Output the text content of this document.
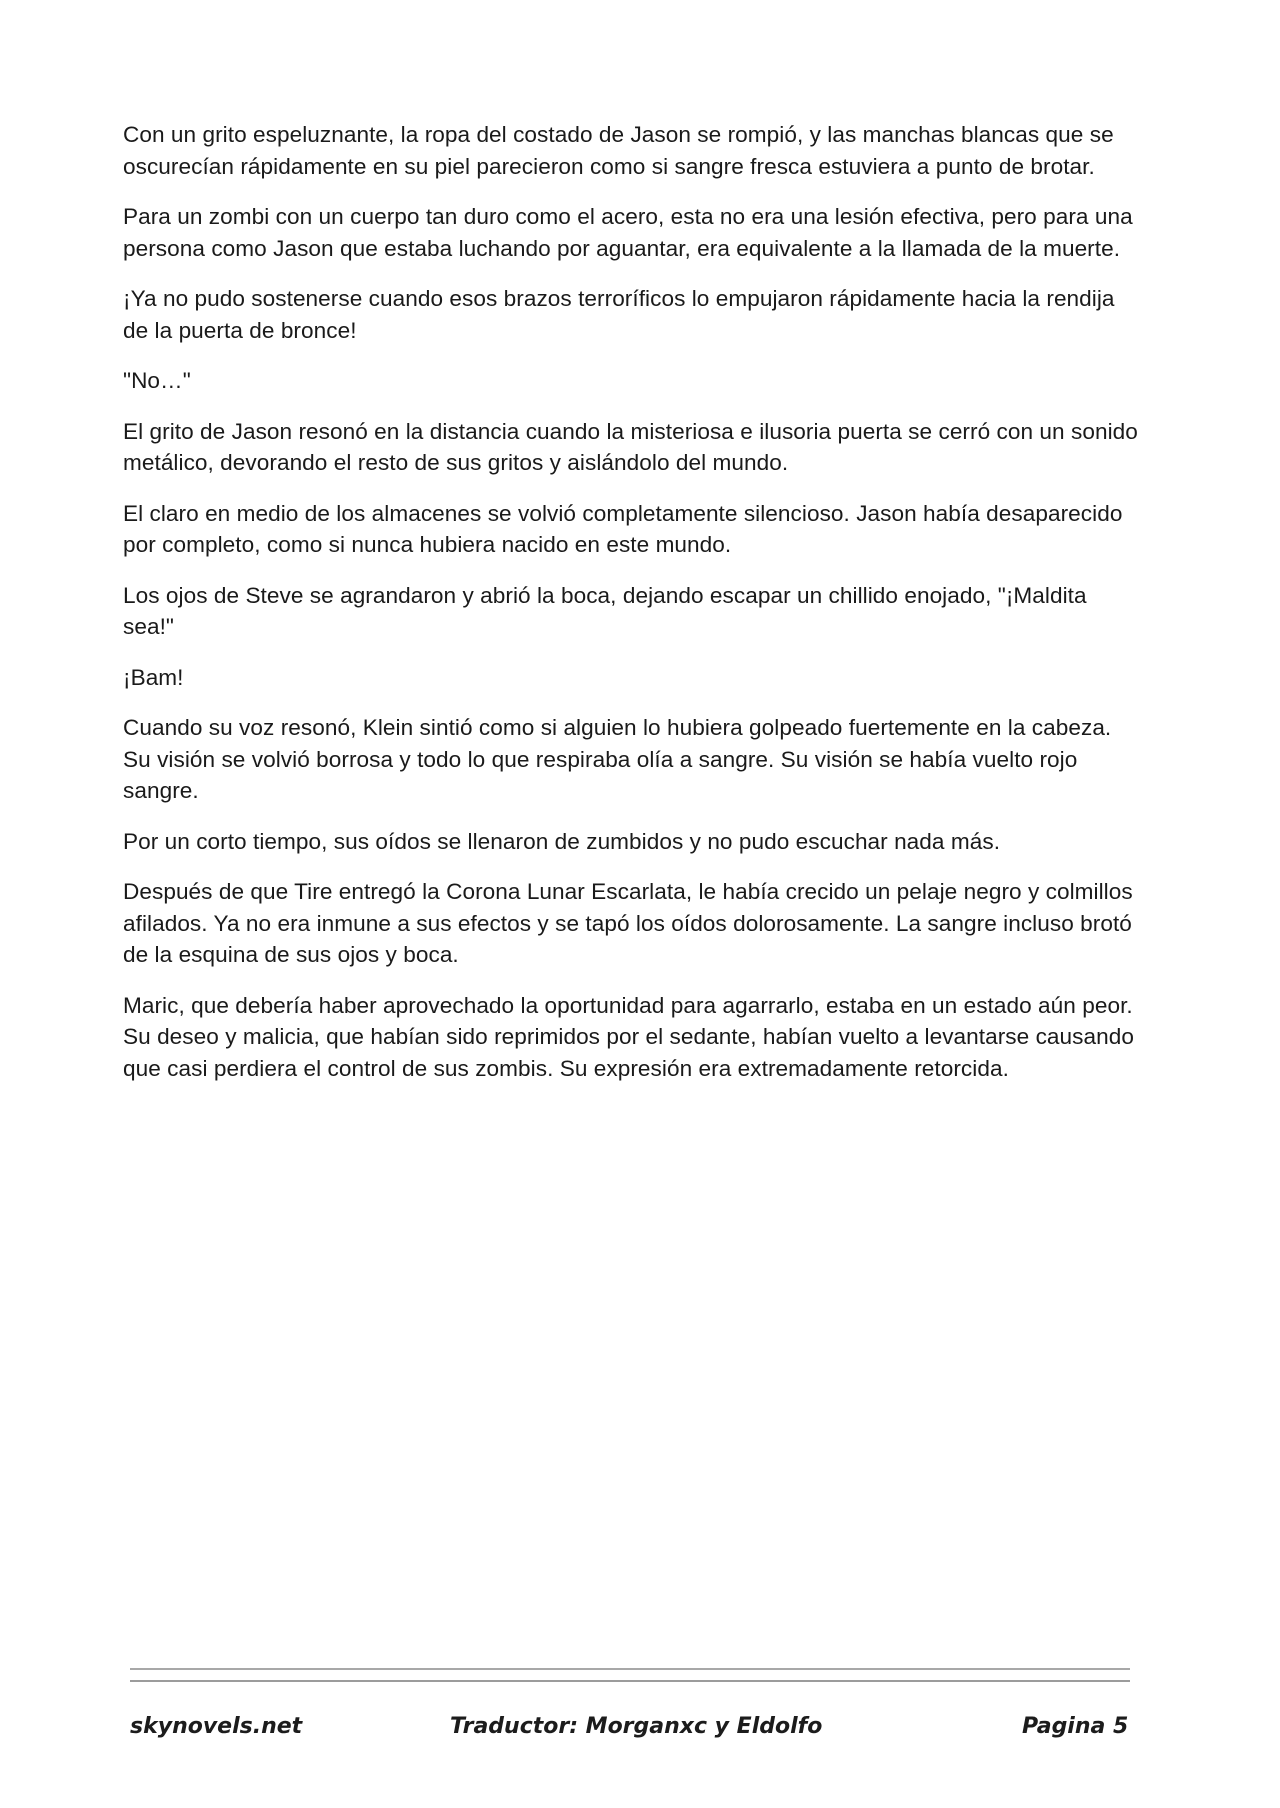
Con un grito espeluznante, la ropa del costado de Jason se rompió, y las manchas blancas que se oscurecían rápidamente en su piel parecieron como si sangre fresca estuviera a punto de brotar.

Para un zombi con un cuerpo tan duro como el acero, esta no era una lesión efectiva, pero para una persona como Jason que estaba luchando por aguantar, era equivalente a la llamada de la muerte.

¡Ya no pudo sostenerse cuando esos brazos terroríficos lo empujaron rápidamente hacia la rendija de la puerta de bronce!

"No…"

El grito de Jason resonó en la distancia cuando la misteriosa e ilusoria puerta se cerró con un sonido metálico, devorando el resto de sus gritos y aislándolo del mundo.

El claro en medio de los almacenes se volvió completamente silencioso. Jason había desaparecido por completo, como si nunca hubiera nacido en este mundo.

Los ojos de Steve se agrandaron y abrió la boca, dejando escapar un chillido enojado, "¡Maldita sea!"

¡Bam!

Cuando su voz resonó, Klein sintió como si alguien lo hubiera golpeado fuertemente en la cabeza. Su visión se volvió borrosa y todo lo que respiraba olía a sangre. Su visión se había vuelto rojo sangre.

Por un corto tiempo, sus oídos se llenaron de zumbidos y no pudo escuchar nada más.

Después de que Tire entregó la Corona Lunar Escarlata, le había crecido un pelaje negro y colmillos afilados. Ya no era inmune a sus efectos y se tapó los oídos dolorosamente. La sangre incluso brotó de la esquina de sus ojos y boca.

Maric, que debería haber aprovechado la oportunidad para agarrarlo, estaba en un estado aún peor. Su deseo y malicia, que habían sido reprimidos por el sedante, habían vuelto a levantarse causando que casi perdiera el control de sus zombis. Su expresión era extremadamente retorcida.

skynovels.net	Traductor: Morganxc y Eldolfo	Pagina 5
